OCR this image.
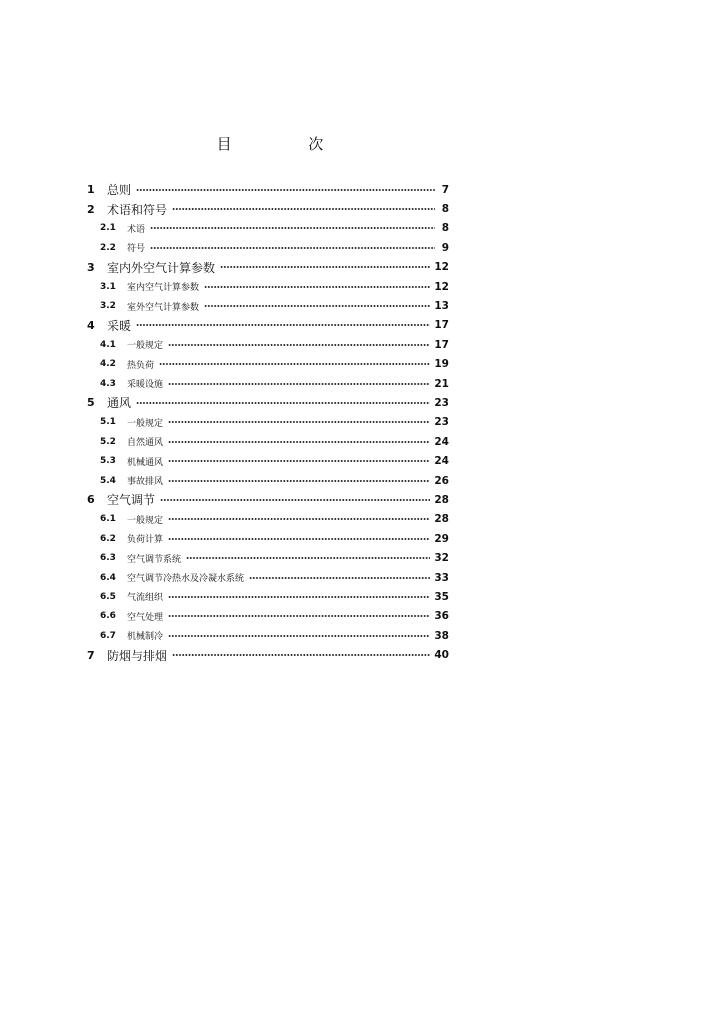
目 次
1	总则	7
2	术语和符号	8
2.1	术语	8
2.2	符号	9
3	室内外空气计算参数	12
3.1	室内空气计算参数	12
3.2	室外空气计算参数	13
4	采暖	17
4.1	一般规定	17
4.2	热负荷	19
4.3	采暖设施	21
5	通风	23
5.1	一般规定	23
5.2	自然通风	24
5.3	机械通风	24
5.4	事故排风	26
6	空气调节	28
6.1	一般规定	28
6.2	负荷计算	29
6.3	空气调节系统	32
6.4	空气调节冷热水及冷凝水系统	33
6.5	气流组织	35
6.6	空气处理	36
6.7	机械制冷	38
7	防烟与排烟	40
